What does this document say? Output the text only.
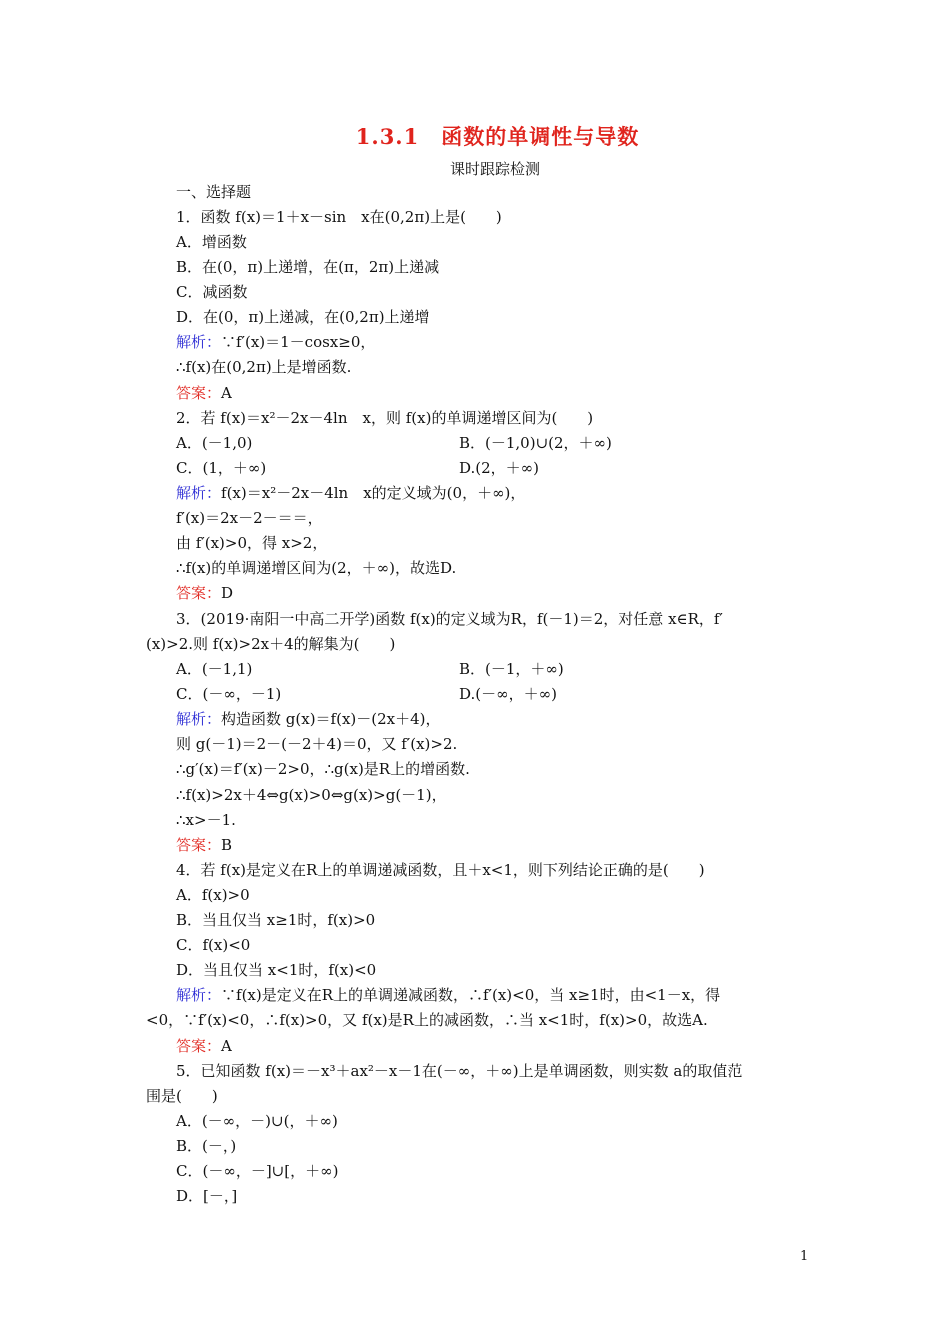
1.3.1　函数的单调性与导数
课时跟踪检测
一、选择题
1．函数 f(x)＝1＋x－sin　x在(0,2π)上是(　　)
A．增函数
B．在(0，π)上递增，在(π，2π)上递减
C．减函数
D．在(0，π)上递减，在(0,2π)上递增
解析：∵f′(x)＝1－cosx≥0，
∴f(x)在(0,2π)上是增函数.
答案：A
2．若 f(x)＝x²－2x－4ln　x，则 f(x)的单调递增区间为(　　)
A．(－1,0)	B．(－1,0)∪(2，＋∞)
C．(1，＋∞)	D.(2，＋∞)
解析：f(x)＝x²－2x－4ln　x的定义域为(0，＋∞)，
f′(x)＝2x－2－＝＝，
由 f′(x)>0，得 x>2，
∴f(x)的单调递增区间为(2，＋∞)，故选D.
答案：D
3．(2019·南阳一中高二开学)函数 f(x)的定义域为R，f(－1)＝2，对任意 x∈R，f′
(x)>2.则 f(x)>2x＋4的解集为(　　)
A．(－1,1)	B．(－1，＋∞)
C．(－∞，－1)	D.(－∞，＋∞)
解析：构造函数 g(x)＝f(x)－(2x＋4)，
则 g(－1)＝2－(－2＋4)＝0，又 f′(x)>2.
∴g′(x)＝f′(x)－2>0，∴g(x)是R上的增函数.
∴f(x)>2x＋4⇔g(x)>0⇔g(x)>g(－1)，
∴x>－1.
答案：B
4．若 f(x)是定义在R上的单调递减函数，且＋x<1，则下列结论正确的是(　　)
A．f(x)>0
B．当且仅当 x≥1时，f(x)>0
C．f(x)<0
D．当且仅当 x<1时，f(x)<0
解析：∵f(x)是定义在R上的单调递减函数，∴f′(x)<0，当 x≥1时，由<1－x，得
<0，∵f′(x)<0，∴f(x)>0，又 f(x)是R上的减函数，∴当 x<1时，f(x)>0，故选A.
答案：A
5．已知函数 f(x)＝－x³＋ax²－x－1在(－∞，＋∞)上是单调函数，则实数 a的取值范
围是(　　)
A．(－∞，－)∪(，＋∞)
B．(－，)
C．(－∞，－]∪[，＋∞)
D．[－，]
1
